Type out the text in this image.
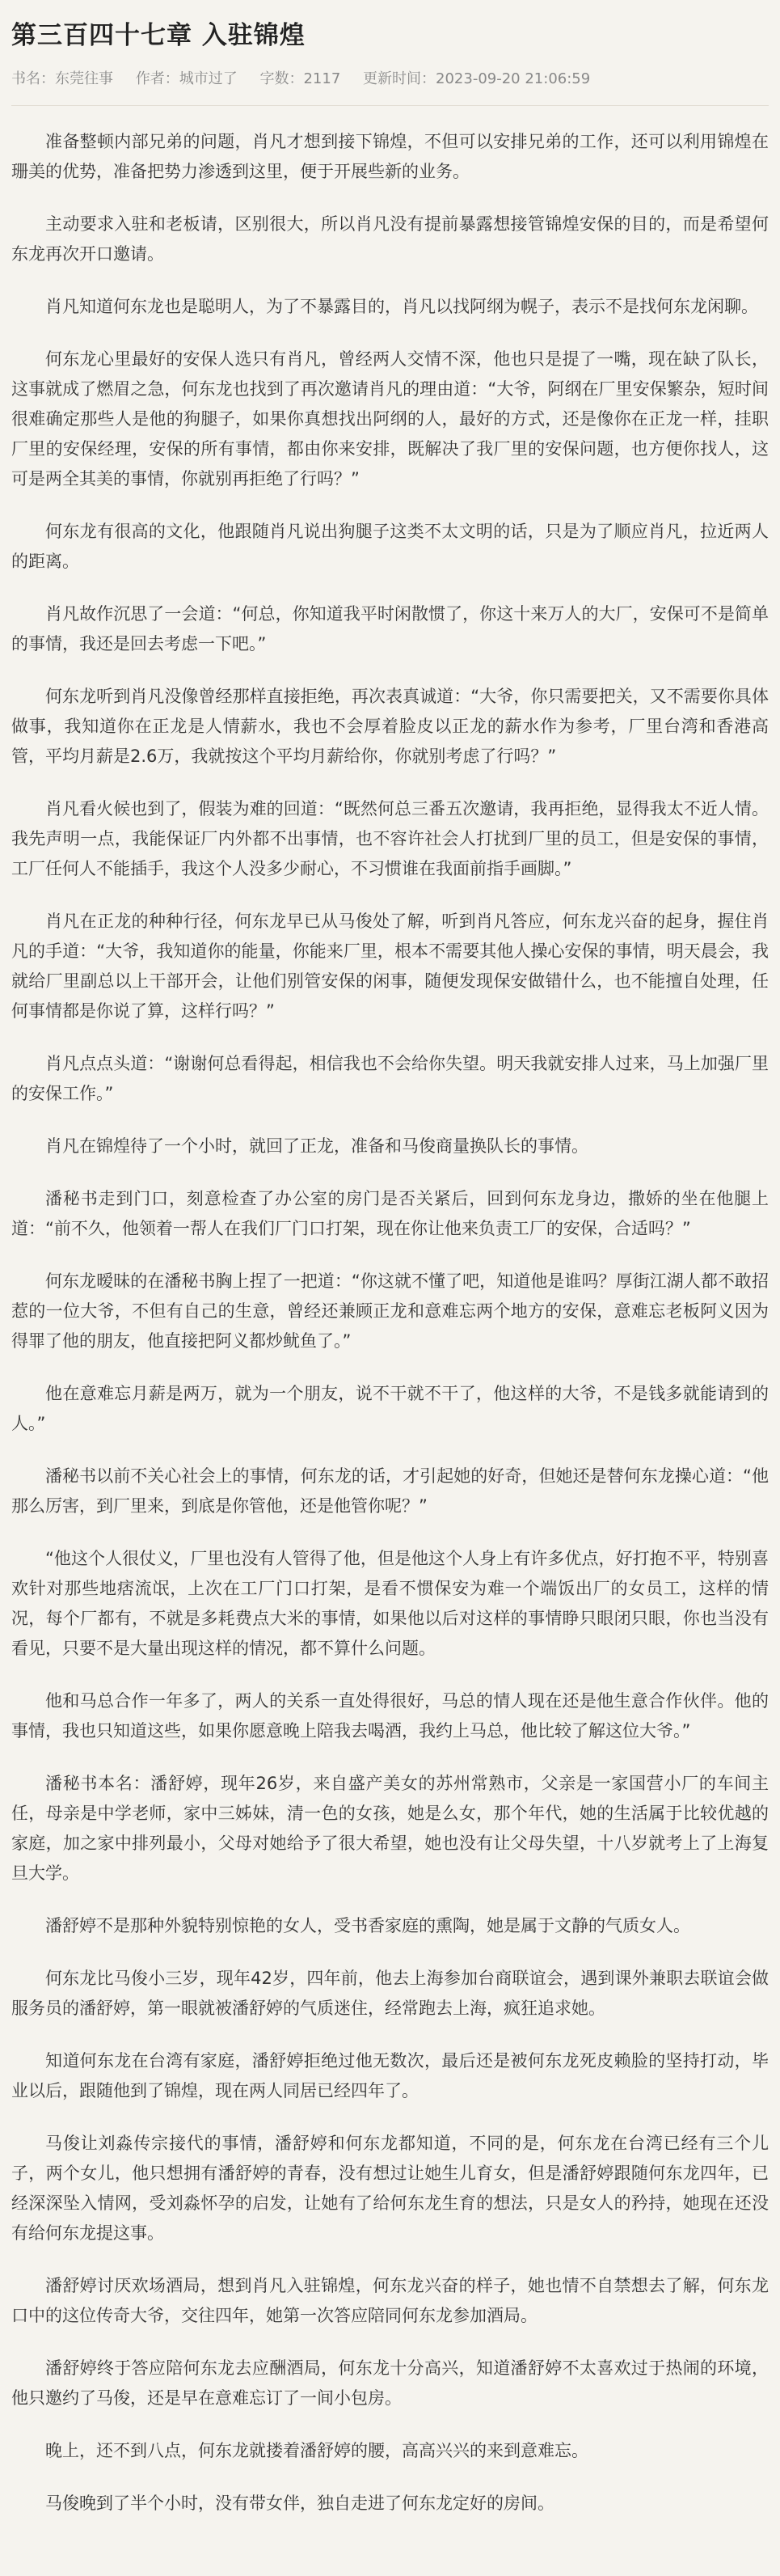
第三百四十七章 入驻锦煌
书名：东莞往事 作者：城市过了 字数：2117 更新时间：2023-09-20 21:06:59

准备整顿内部兄弟的问题，肖凡才想到接下锦煌，不但可以安排兄弟的工作，还可以利用锦煌在珊美的优势，准备把势力渗透到这里，便于开展些新的业务。

主动要求入驻和老板请，区别很大，所以肖凡没有提前暴露想接管锦煌安保的目的，而是希望何东龙再次开口邀请。

肖凡知道何东龙也是聪明人，为了不暴露目的，肖凡以找阿纲为幌子，表示不是找何东龙闲聊。

何东龙心里最好的安保人选只有肖凡，曾经两人交情不深，他也只是提了一嘴，现在缺了队长，这事就成了燃眉之急，何东龙也找到了再次邀请肖凡的理由道：“大爷，阿纲在厂里安保繁杂，短时间很难确定那些人是他的狗腿子，如果你真想找出阿纲的人，最好的方式，还是像你在正龙一样，挂职厂里的安保经理，安保的所有事情，都由你来安排，既解决了我厂里的安保问题，也方便你找人，这可是两全其美的事情，你就别再拒绝了行吗？”

何东龙有很高的文化，他跟随肖凡说出狗腿子这类不太文明的话，只是为了顺应肖凡，拉近两人的距离。

肖凡故作沉思了一会道：“何总，你知道我平时闲散惯了，你这十来万人的大厂，安保可不是简单的事情，我还是回去考虑一下吧。”

何东龙听到肖凡没像曾经那样直接拒绝，再次表真诚道：“大爷，你只需要把关，又不需要你具体做事，我知道你在正龙是人情薪水，我也不会厚着脸皮以正龙的薪水作为参考，厂里台湾和香港高管，平均月薪是2.6万，我就按这个平均月薪给你，你就别考虑了行吗？”

肖凡看火候也到了，假装为难的回道：“既然何总三番五次邀请，我再拒绝，显得我太不近人情。我先声明一点，我能保证厂内外都不出事情，也不容许社会人打扰到厂里的员工，但是安保的事情，工厂任何人不能插手，我这个人没多少耐心，不习惯谁在我面前指手画脚。”

肖凡在正龙的种种行径，何东龙早已从马俊处了解，听到肖凡答应，何东龙兴奋的起身，握住肖凡的手道：“大爷，我知道你的能量，你能来厂里，根本不需要其他人操心安保的事情，明天晨会，我就给厂里副总以上干部开会，让他们别管安保的闲事，随便发现保安做错什么，也不能擅自处理，任何事情都是你说了算，这样行吗？”

肖凡点点头道：“谢谢何总看得起，相信我也不会给你失望。明天我就安排人过来，马上加强厂里的安保工作。”

肖凡在锦煌待了一个小时，就回了正龙，准备和马俊商量换队长的事情。

潘秘书走到门口，刻意检查了办公室的房门是否关紧后，回到何东龙身边，撒娇的坐在他腿上道：“前不久，他领着一帮人在我们厂门口打架，现在你让他来负责工厂的安保，合适吗？”

何东龙暧昧的在潘秘书胸上捏了一把道：“你这就不懂了吧，知道他是谁吗？厚街江湖人都不敢招惹的一位大爷，不但有自己的生意，曾经还兼顾正龙和意难忘两个地方的安保，意难忘老板阿义因为得罪了他的朋友，他直接把阿义都炒鱿鱼了。”

他在意难忘月薪是两万，就为一个朋友，说不干就不干了，他这样的大爷，不是钱多就能请到的人。”

潘秘书以前不关心社会上的事情，何东龙的话，才引起她的好奇，但她还是替何东龙操心道：“他那么厉害，到厂里来，到底是你管他，还是他管你呢？”

“他这个人很仗义，厂里也没有人管得了他，但是他这个人身上有许多优点，好打抱不平，特别喜欢针对那些地痞流氓，上次在工厂门口打架，是看不惯保安为难一个端饭出厂的女员工，这样的情况，每个厂都有，不就是多耗费点大米的事情，如果他以后对这样的事情睁只眼闭只眼，你也当没有看见，只要不是大量出现这样的情况，都不算什么问题。

他和马总合作一年多了，两人的关系一直处得很好，马总的情人现在还是他生意合作伙伴。他的事情，我也只知道这些，如果你愿意晚上陪我去喝酒，我约上马总，他比较了解这位大爷。”

潘秘书本名：潘舒婷，现年26岁，来自盛产美女的苏州常熟市，父亲是一家国营小厂的车间主任，母亲是中学老师，家中三姊妹，清一色的女孩，她是么女，那个年代，她的生活属于比较优越的家庭，加之家中排列最小，父母对她给予了很大希望，她也没有让父母失望，十八岁就考上了上海复旦大学。

潘舒婷不是那种外貌特别惊艳的女人，受书香家庭的熏陶，她是属于文静的气质女人。

何东龙比马俊小三岁，现年42岁，四年前，他去上海参加台商联谊会，遇到课外兼职去联谊会做服务员的潘舒婷，第一眼就被潘舒婷的气质迷住，经常跑去上海，疯狂追求她。

知道何东龙在台湾有家庭，潘舒婷拒绝过他无数次，最后还是被何东龙死皮赖脸的坚持打动，毕业以后，跟随他到了锦煌，现在两人同居已经四年了。

马俊让刘淼传宗接代的事情，潘舒婷和何东龙都知道，不同的是，何东龙在台湾已经有三个儿子，两个女儿，他只想拥有潘舒婷的青春，没有想过让她生儿育女，但是潘舒婷跟随何东龙四年，已经深深坠入情网，受刘淼怀孕的启发，让她有了给何东龙生育的想法，只是女人的矜持，她现在还没有给何东龙提这事。

潘舒婷讨厌欢场酒局，想到肖凡入驻锦煌，何东龙兴奋的样子，她也情不自禁想去了解，何东龙口中的这位传奇大爷，交往四年，她第一次答应陪同何东龙参加酒局。

潘舒婷终于答应陪何东龙去应酬酒局，何东龙十分高兴，知道潘舒婷不太喜欢过于热闹的环境，他只邀约了马俊，还是早在意难忘订了一间小包房。

晚上，还不到八点，何东龙就搂着潘舒婷的腰，高高兴兴的来到意难忘。

马俊晚到了半个小时，没有带女伴，独自走进了何东龙定好的房间。
